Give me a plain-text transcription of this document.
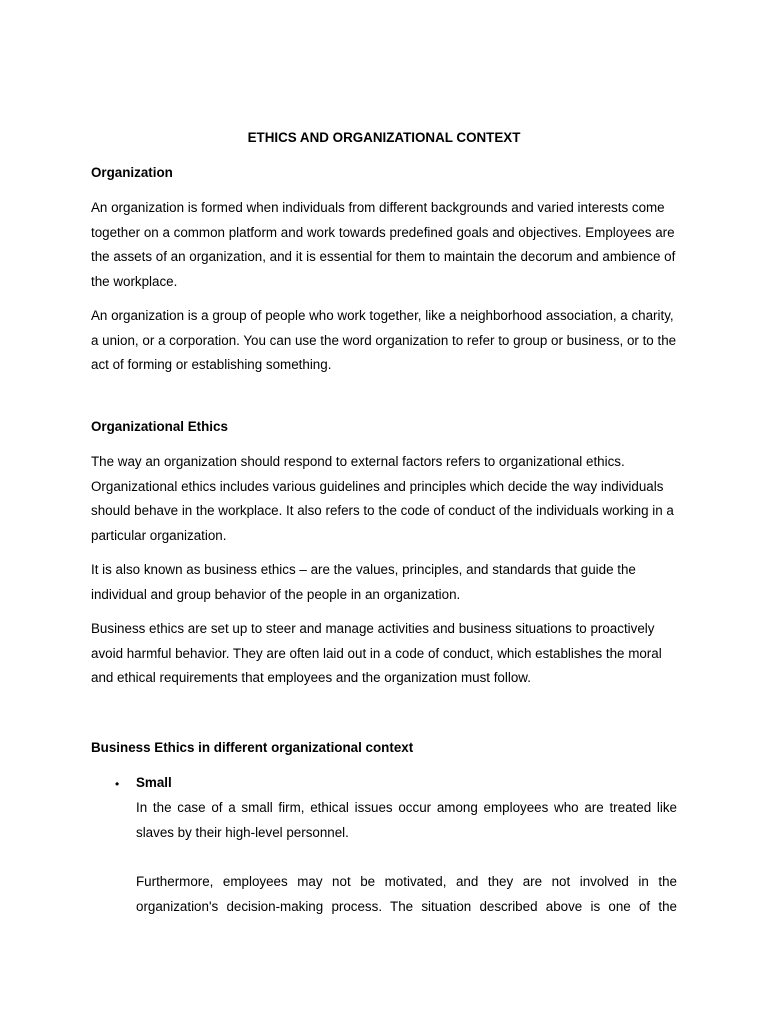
ETHICS AND ORGANIZATIONAL CONTEXT
Organization
An organization is formed when individuals from different backgrounds and varied interests come together on a common platform and work towards predefined goals and objectives. Employees are the assets of an organization, and it is essential for them to maintain the decorum and ambience of the workplace.
An organization is a group of people who work together, like a neighborhood association, a charity, a union, or a corporation. You can use the word organization to refer to group or business, or to the act of forming or establishing something.
Organizational Ethics
The way an organization should respond to external factors refers to organizational ethics. Organizational ethics includes various guidelines and principles which decide the way individuals should behave in the workplace. It also refers to the code of conduct of the individuals working in a particular organization.
It is also known as business ethics – are the values, principles, and standards that guide the individual and group behavior of the people in an organization.
Business ethics are set up to steer and manage activities and business situations to proactively avoid harmful behavior. They are often laid out in a code of conduct, which establishes the moral and ethical requirements that employees and the organization must follow.
Business Ethics in different organizational context
• Small
In the case of a small firm, ethical issues occur among employees who are treated like slaves by their high-level personnel.
Furthermore, employees may not be motivated, and they are not involved in the organization's decision-making process. The situation described above is one of the
